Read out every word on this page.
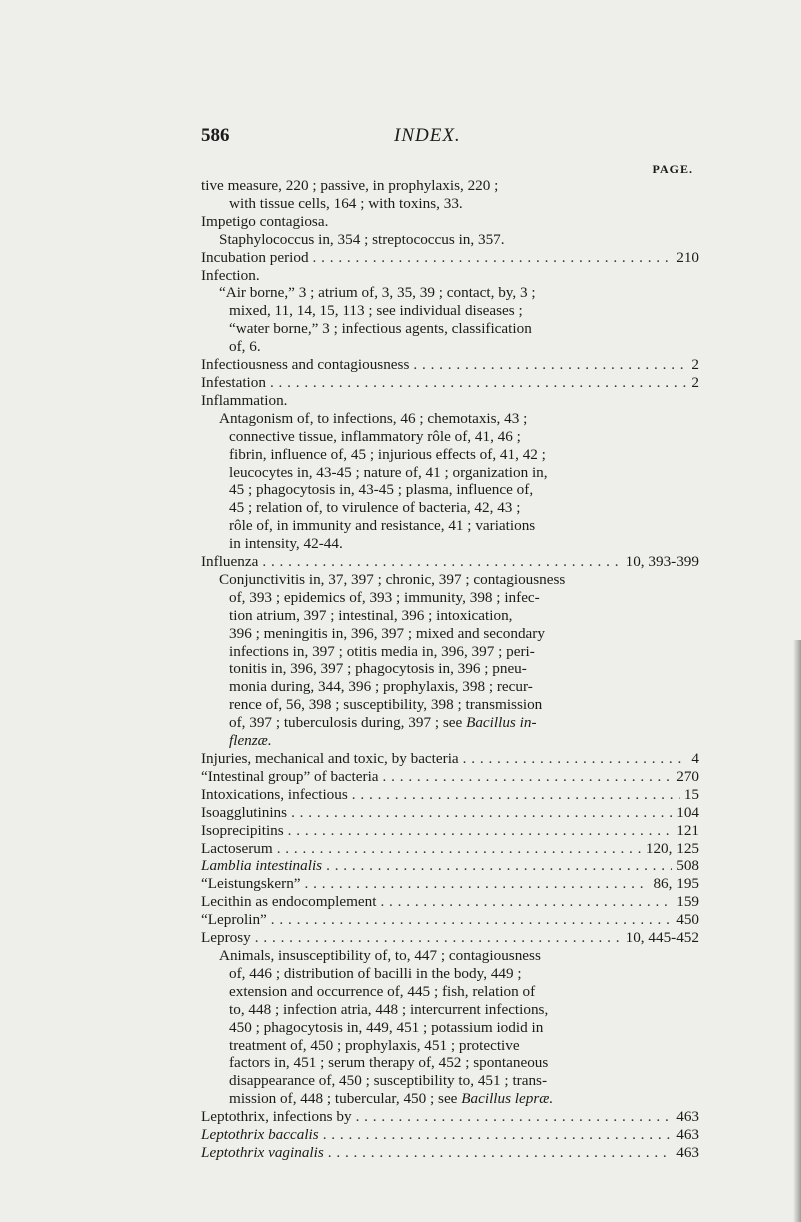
586	INDEX.
PAGE.
tive measure, 220 ; passive, in prophylaxis, 220 ;
with tissue cells, 164 ; with toxins, 33.
Impetigo contagiosa.
Staphylococcus in, 354 ; streptococcus in, 357.
Incubation period . . .	210
Infection.
“Air borne,” 3 ; atrium of, 3, 35, 39 ; contact, by, 3 ;
mixed, 11, 14, 15, 113 ; see individual diseases ;
“water borne,” 3 ; infectious agents, classification
of, 6.
Infectiousness and contagiousness . . .	2
Infestation . . .	2
Inflammation.
Antagonism of, to infections, 46 ; chemotaxis, 43 ;
connective tissue, inflammatory rôle of, 41, 46 ;
fibrin, influence of, 45 ; injurious effects of, 41, 42 ;
leucocytes in, 43-45 ; nature of, 41 ; organization in,
45 ; phagocytosis in, 43-45 ; plasma, influence of,
45 ; relation of, to virulence of bacteria, 42, 43 ;
rôle of, in immunity and resistance, 41 ; variations
in intensity, 42-44.
Influenza . . .	10, 393-399
Conjunctivitis in, 37, 397 ; chronic, 397 ; contagiousness
of, 393 ; epidemics of, 393 ; immunity, 398 ; infec-
tion atrium, 397 ; intestinal, 396 ; intoxication,
396 ; meningitis in, 396, 397 ; mixed and secondary
infections in, 397 ; otitis media in, 396, 397 ; peri-
tonitis in, 396, 397 ; phagocytosis in, 396 ; pneu-
monia during, 344, 396 ; prophylaxis, 398 ; recur-
rence of, 56, 398 ; susceptibility, 398 ; transmission
of, 397 ; tuberculosis during, 397 ; see Bacillus in-
flenzæ.
Injuries, mechanical and toxic, by bacteria . . .	4
“Intestinal group” of bacteria . . .	270
Intoxications, infectious . . .	15
Isoagglutinins . . .	104
Isoprecipitins . . .	121
Lactoserum . . .	120, 125
Lamblia intestinalis . . .	508
“Leistungskern” . . .	86, 195
Lecithin as endocomplement . . .	159
“Leprolin” . . .	450
Leprosy . . .	10, 445-452
Animals, insusceptibility of, to, 447 ; contagiousness
of, 446 ; distribution of bacilli in the body, 449 ;
extension and occurrence of, 445 ; fish, relation of
to, 448 ; infection atria, 448 ; intercurrent infections,
450 ; phagocytosis in, 449, 451 ; potassium iodid in
treatment of, 450 ; prophylaxis, 451 ; protective
factors in, 451 ; serum therapy of, 452 ; spontaneous
disappearance of, 450 ; susceptibility to, 451 ; trans-
mission of, 448 ; tubercular, 450 ; see Bacillus lepræ.
Leptothrix, infections by . . .	463
Leptothrix baccalis . . .	463
Leptothrix vaginalis . . .	463
